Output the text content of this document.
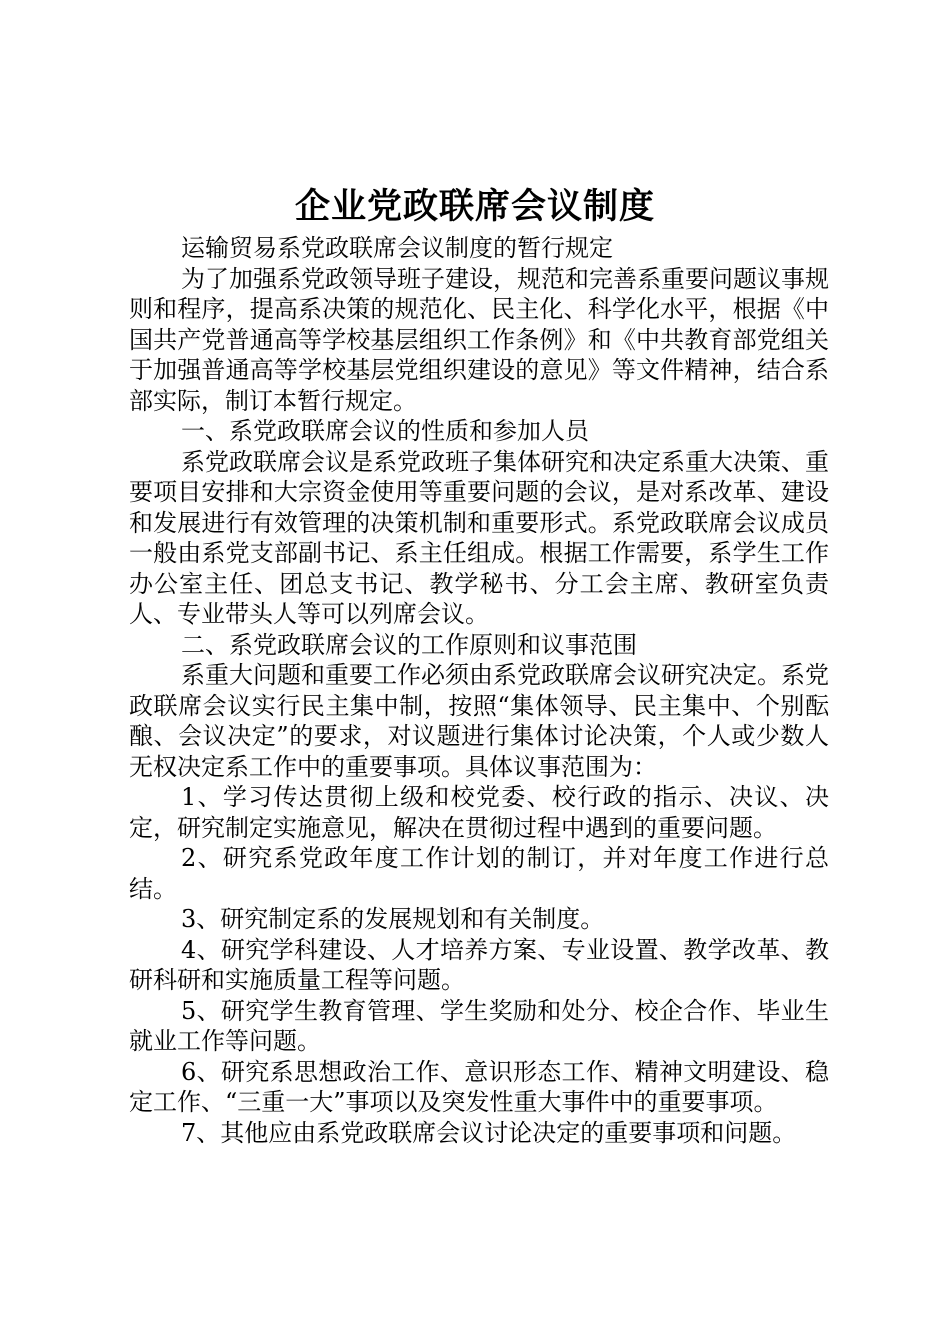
企业党政联席会议制度

运输贸易系党政联席会议制度的暂行规定

为了加强系党政领导班子建设，规范和完善系重要问题议事规则和程序，提高系决策的规范化、民主化、科学化水平，根据《中国共产党普通高等学校基层组织工作条例》和《中共教育部党组关于加强普通高等学校基层党组织建设的意见》等文件精神，结合系部实际，制订本暂行规定。

一、系党政联席会议的性质和参加人员

系党政联席会议是系党政班子集体研究和决定系重大决策、重要项目安排和大宗资金使用等重要问题的会议，是对系改革、建设和发展进行有效管理的决策机制和重要形式。系党政联席会议成员一般由系党支部副书记、系主任组成。根据工作需要，系学生工作办公室主任、团总支书记、教学秘书、分工会主席、教研室负责人、专业带头人等可以列席会议。

二、系党政联席会议的工作原则和议事范围

系重大问题和重要工作必须由系党政联席会议研究决定。系党政联席会议实行民主集中制，按照“集体领导、民主集中、个别酝酿、会议决定”的要求，对议题进行集体讨论决策，个人或少数人无权决定系工作中的重要事项。具体议事范围为：

1、学习传达贯彻上级和校党委、校行政的指示、决议、决定，研究制定实施意见，解决在贯彻过程中遇到的重要问题。

2、研究系党政年度工作计划的制订，并对年度工作进行总结。

3、研究制定系的发展规划和有关制度。

4、研究学科建设、人才培养方案、专业设置、教学改革、教研科研和实施质量工程等问题。

5、研究学生教育管理、学生奖励和处分、校企合作、毕业生就业工作等问题。

6、研究系思想政治工作、意识形态工作、精神文明建设、稳定工作、“三重一大”事项以及突发性重大事件中的重要事项。

7、其他应由系党政联席会议讨论决定的重要事项和问题。
